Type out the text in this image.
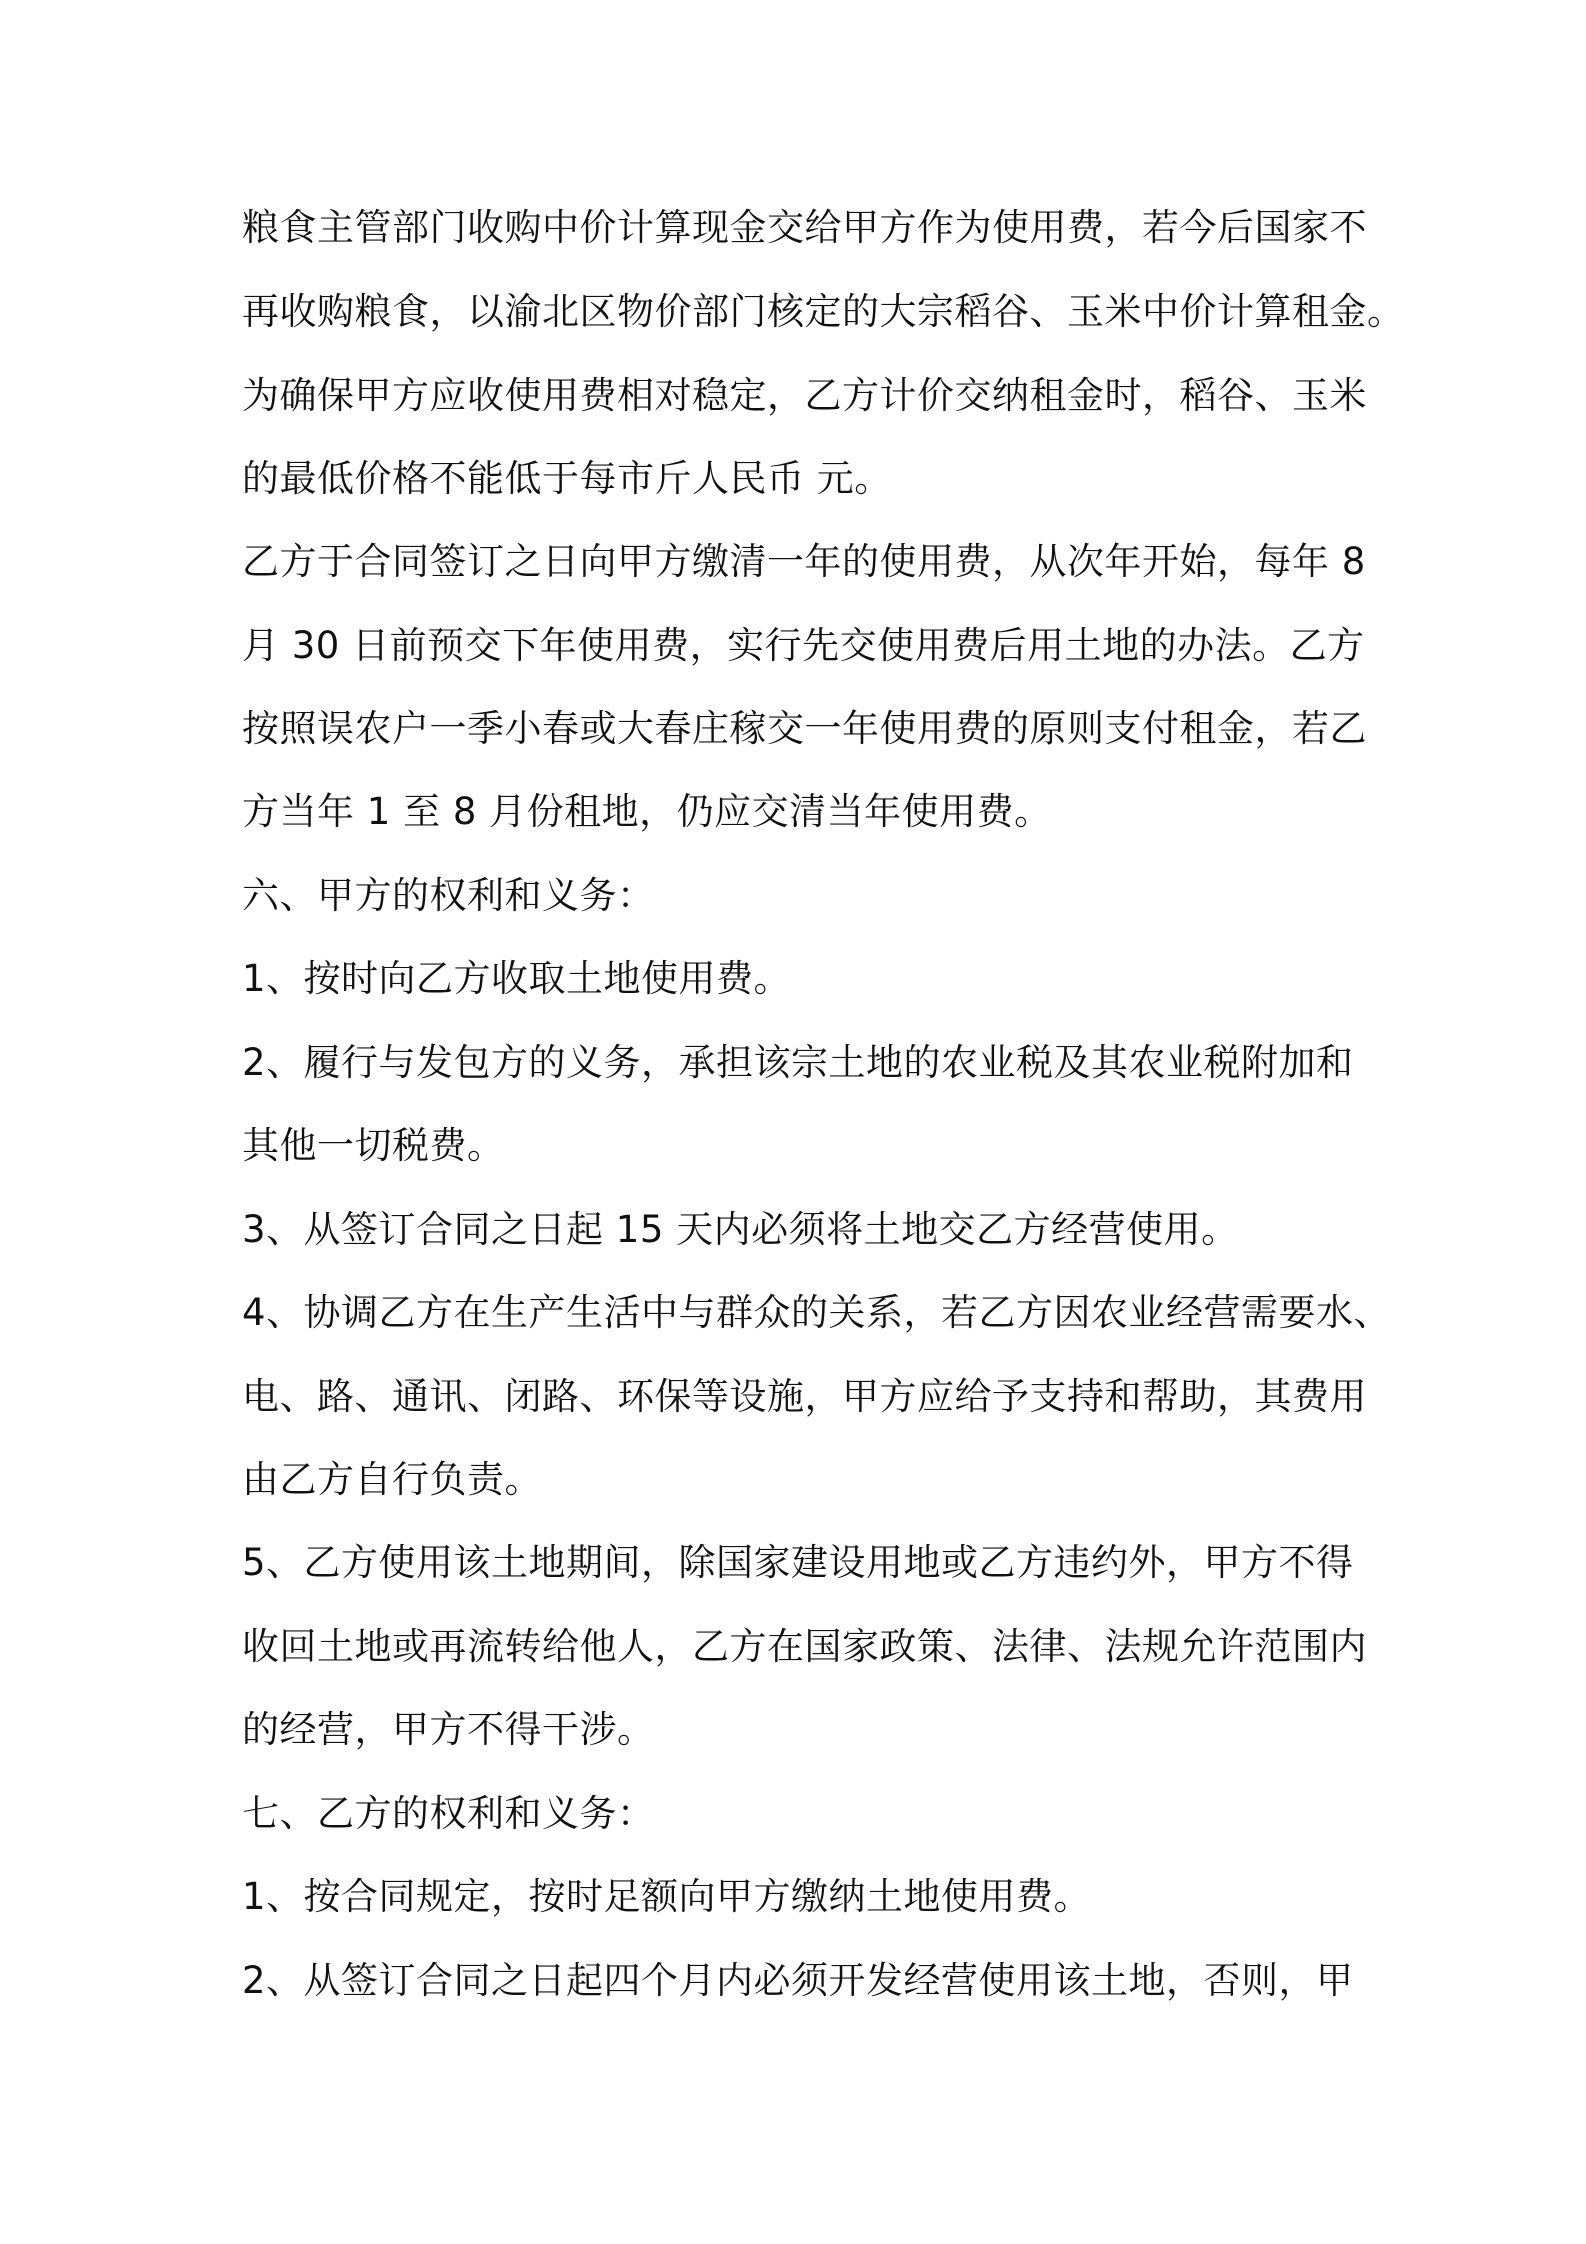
粮食主管部门收购中价计算现金交给甲方作为使用费，若今后国家不

再收购粮食，以渝北区物价部门核定的大宗稻谷、玉米中价计算租金。

为确保甲方应收使用费相对稳定，乙方计价交纳租金时，稻谷、玉米

的最低价格不能低于每市斤人民币 元。

乙方于合同签订之日向甲方缴清一年的使用费，从次年开始，每年 8

月 30 日前预交下年使用费，实行先交使用费后用土地的办法。乙方

按照误农户一季小春或大春庄稼交一年使用费的原则支付租金，若乙

方当年 1 至 8 月份租地，仍应交清当年使用费。

六、甲方的权利和义务：

1、按时向乙方收取土地使用费。

2、履行与发包方的义务，承担该宗土地的农业税及其农业税附加和

其他一切税费。

3、从签订合同之日起 15 天内必须将土地交乙方经营使用。

4、协调乙方在生产生活中与群众的关系，若乙方因农业经营需要水、

电、路、通讯、闭路、环保等设施，甲方应给予支持和帮助，其费用

由乙方自行负责。

5、乙方使用该土地期间，除国家建设用地或乙方违约外，甲方不得

收回土地或再流转给他人，乙方在国家政策、法律、法规允许范围内

的经营，甲方不得干涉。

七、乙方的权利和义务：

1、按合同规定，按时足额向甲方缴纳土地使用费。

2、从签订合同之日起四个月内必须开发经营使用该土地，否则，甲
